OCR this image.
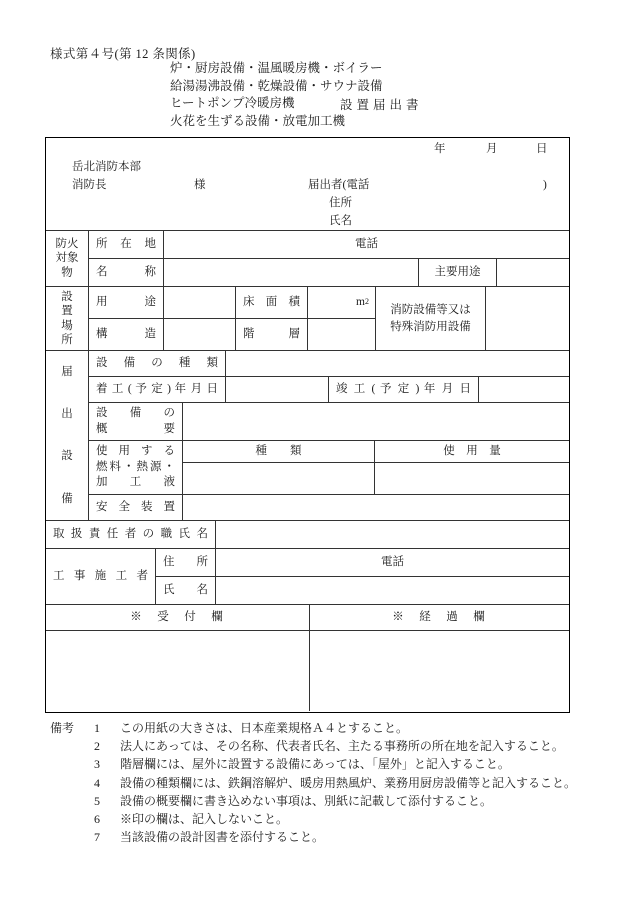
様式第４号(第 12 条関係)
炉・厨房設備・温風暖房機・ボイラー
給湯湯沸設備・乾燥設備・サウナ設備
ヒートポンプ冷暖房機
火花を生ずる設備・放電加工機
設置届出書
年	月	日
岳北消防本部
消防長	様	届出者(電話	)
住所
氏名
防火
対象
物
所 在 地	電話
名　称	主要用途
設
置
場
所
用　途	床 面 積	m 2
構　造	階　層
消防設備等又は
特殊消防用設備
届
出
設
備
設 備 の 種 類
着 工 ( 予 定 ) 年 月 日	竣 工 ( 予 定 ) 年 月 日
設　備　の
概　　　要
使 用 す る
燃料・熱源・
加　工　液
種　　類	使　用　量
安 全 装 置
取 扱 責 任 者 の 職 氏 名
工 事 施 工 者
住　所	電話
氏　名
※　受　付　欄	※　経　過　欄
備考	1	この用紙の大きさは、日本産業規格Ａ４とすること。
2	法人にあっては、その名称、代表者氏名、主たる事務所の所在地を記入すること。
3	階層欄には、屋外に設置する設備にあっては、「屋外」と記入すること。
4	設備の種類欄には、鉄鋼溶解炉、暖房用熱風炉、業務用厨房設備等と記入すること。
5	設備の概要欄に書き込めない事項は、別紙に記載して添付すること。
6	※印の欄は、記入しないこと。
7	当該設備の設計図書を添付すること。
